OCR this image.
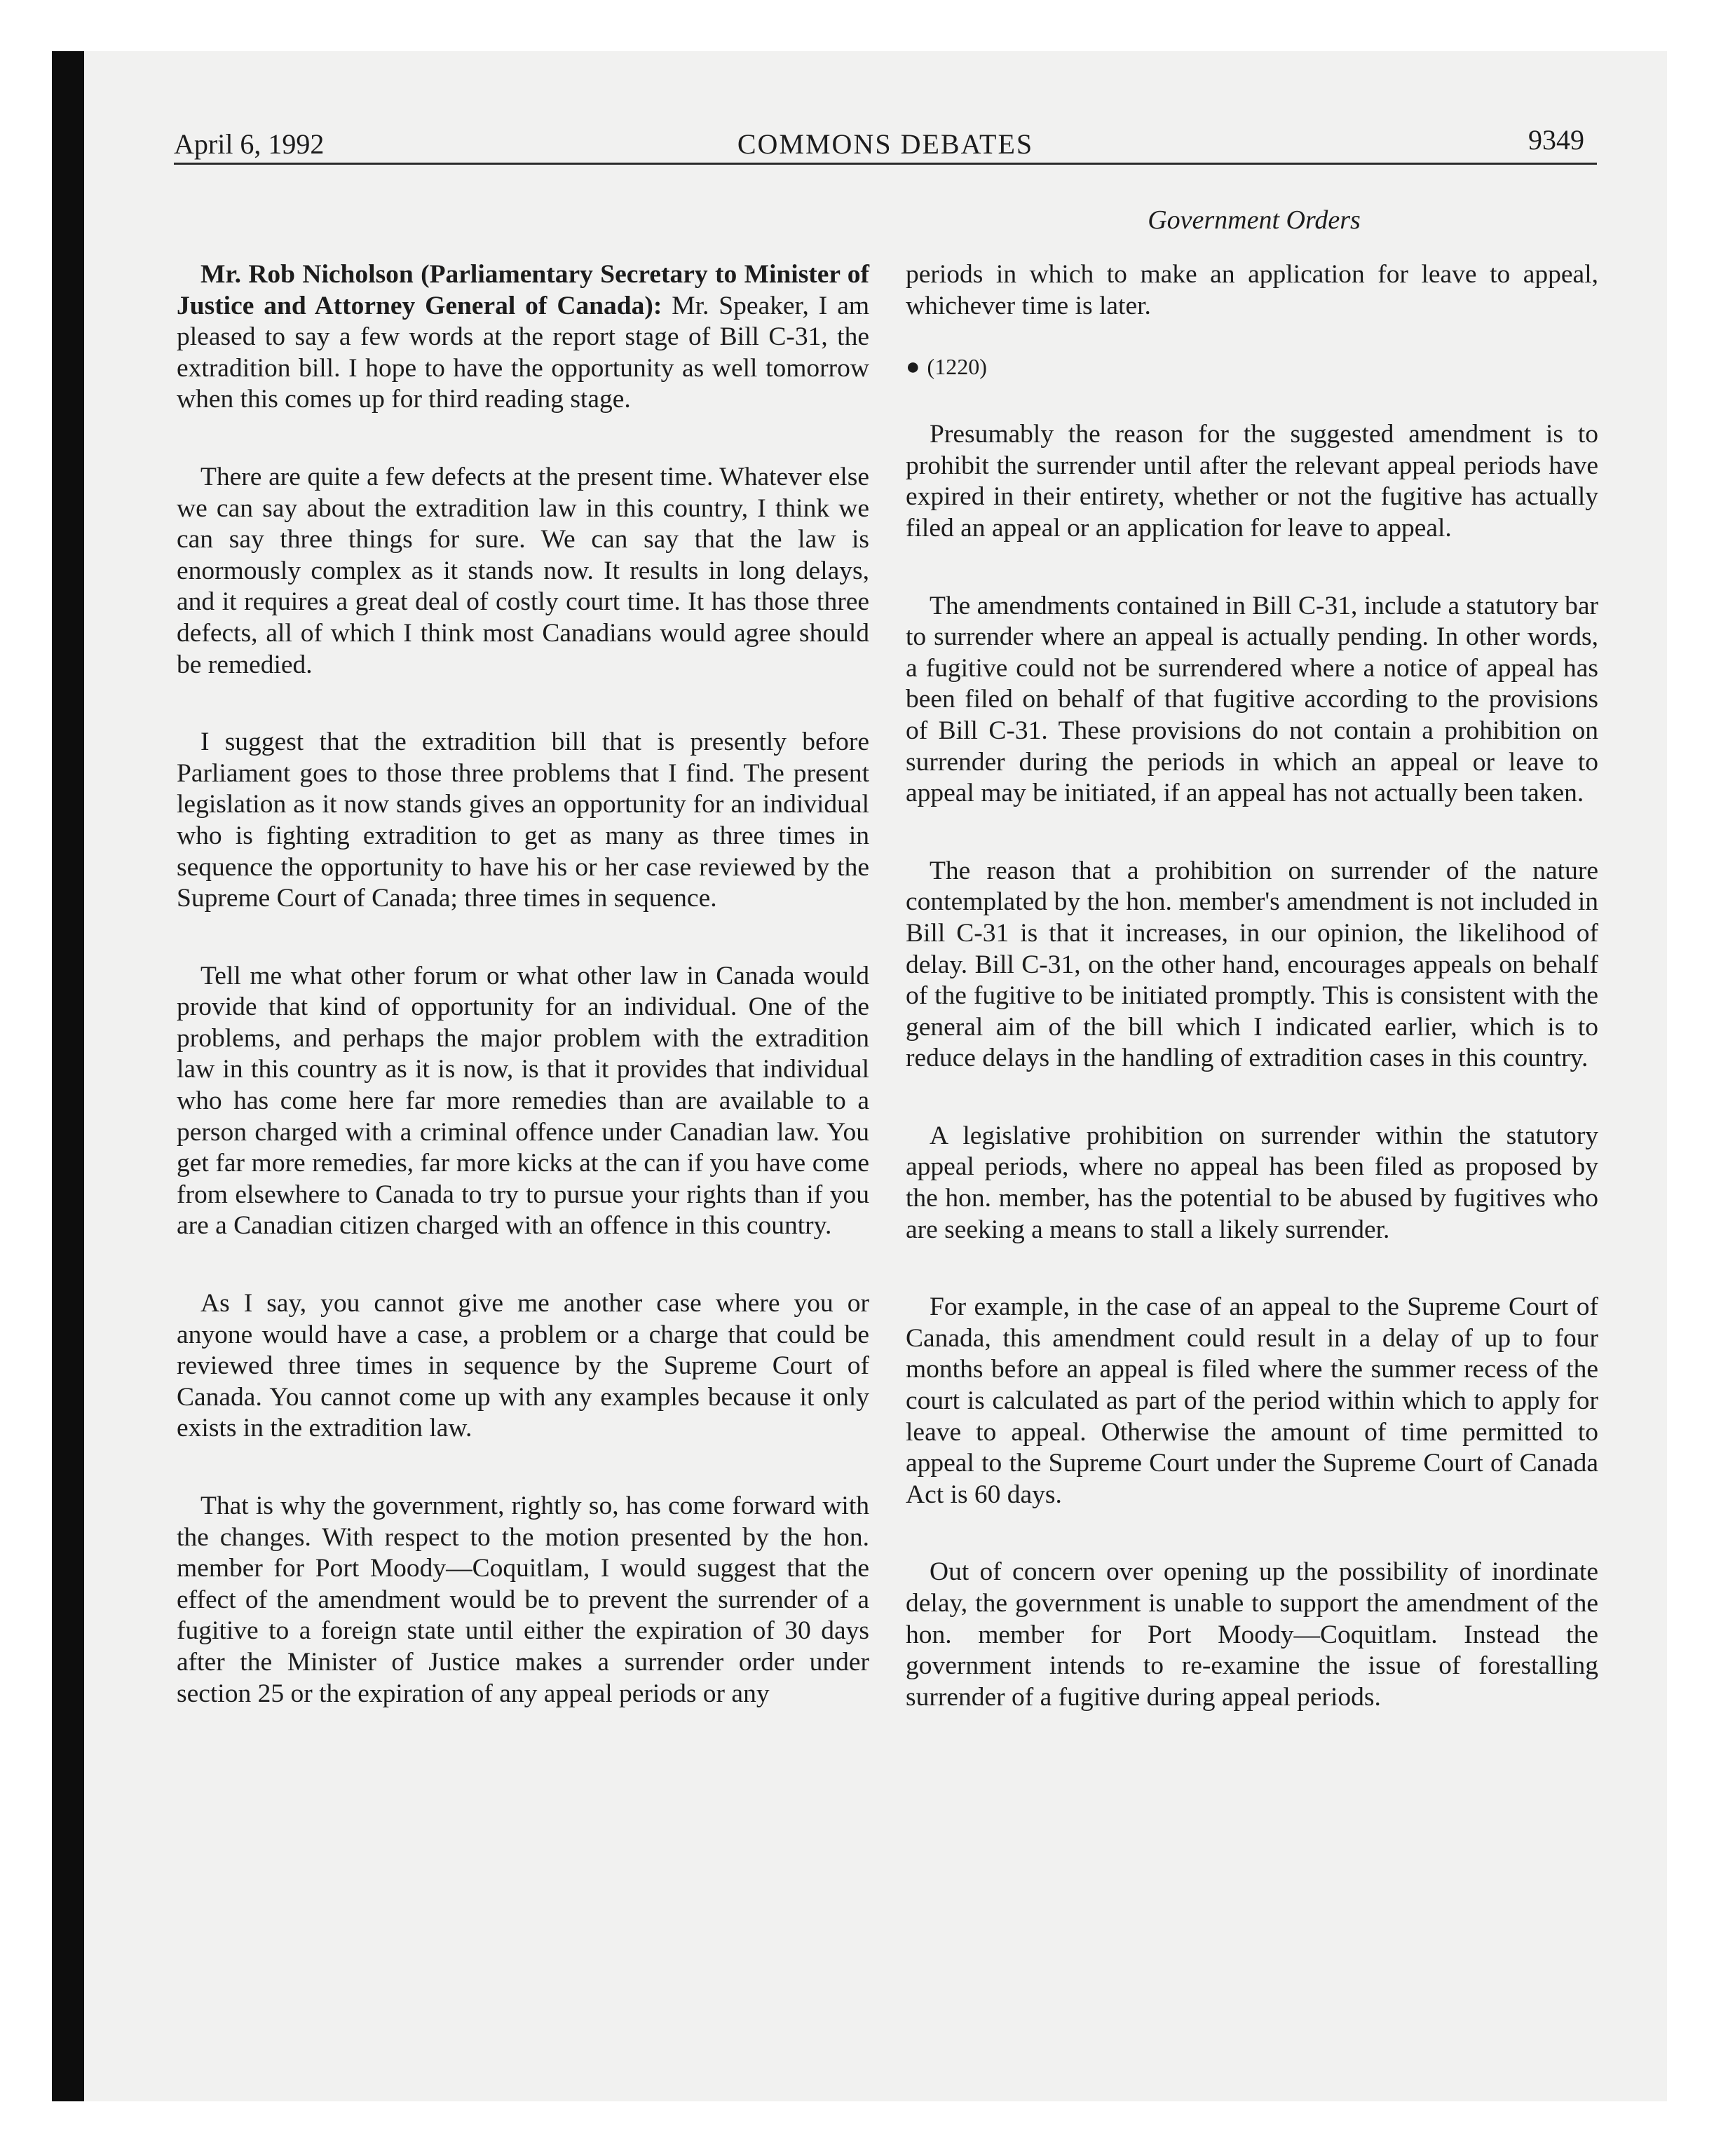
April 6, 1992	COMMONS DEBATES	9349
Government Orders

Mr. Rob Nicholson (Parliamentary Secretary to Minister of Justice and Attorney General of Canada): Mr. Speaker, I am pleased to say a few words at the report stage of Bill C-31, the extradition bill. I hope to have the opportunity as well tomorrow when this comes up for third reading stage.

There are quite a few defects at the present time. Whatever else we can say about the extradition law in this country, I think we can say three things for sure. We can say that the law is enormously complex as it stands now. It results in long delays, and it requires a great deal of costly court time. It has those three defects, all of which I think most Canadians would agree should be remedied.

I suggest that the extradition bill that is presently before Parliament goes to those three problems that I find. The present legislation as it now stands gives an opportunity for an individual who is fighting extradition to get as many as three times in sequence the opportunity to have his or her case reviewed by the Supreme Court of Canada; three times in sequence.

Tell me what other forum or what other law in Canada would provide that kind of opportunity for an individual. One of the problems, and perhaps the major problem with the extradition law in this country as it is now, is that it provides that individual who has come here far more remedies than are available to a person charged with a criminal offence under Canadian law. You get far more remedies, far more kicks at the can if you have come from elsewhere to Canada to try to pursue your rights than if you are a Canadian citizen charged with an offence in this country.

As I say, you cannot give me another case where you or anyone would have a case, a problem or a charge that could be reviewed three times in sequence by the Supreme Court of Canada. You cannot come up with any examples because it only exists in the extradition law.

That is why the government, rightly so, has come forward with the changes. With respect to the motion presented by the hon. member for Port Moody—Coquitlam, I would suggest that the effect of the amendment would be to prevent the surrender of a fugitive to a foreign state until either the expiration of 30 days after the Minister of Justice makes a surrender order under section 25 or the expiration of any appeal periods or any

periods in which to make an application for leave to appeal, whichever time is later.

● (1220)

Presumably the reason for the suggested amendment is to prohibit the surrender until after the relevant appeal periods have expired in their entirety, whether or not the fugitive has actually filed an appeal or an application for leave to appeal.

The amendments contained in Bill C-31, include a statutory bar to surrender where an appeal is actually pending. In other words, a fugitive could not be surrendered where a notice of appeal has been filed on behalf of that fugitive according to the provisions of Bill C-31. These provisions do not contain a prohibition on surrender during the periods in which an appeal or leave to appeal may be initiated, if an appeal has not actually been taken.

The reason that a prohibition on surrender of the nature contemplated by the hon. member's amendment is not included in Bill C-31 is that it increases, in our opinion, the likelihood of delay. Bill C-31, on the other hand, encourages appeals on behalf of the fugitive to be initiated promptly. This is consistent with the general aim of the bill which I indicated earlier, which is to reduce delays in the handling of extradition cases in this country.

A legislative prohibition on surrender within the statutory appeal periods, where no appeal has been filed as proposed by the hon. member, has the potential to be abused by fugitives who are seeking a means to stall a likely surrender.

For example, in the case of an appeal to the Supreme Court of Canada, this amendment could result in a delay of up to four months before an appeal is filed where the summer recess of the court is calculated as part of the period within which to apply for leave to appeal. Otherwise the amount of time permitted to appeal to the Supreme Court under the Supreme Court of Canada Act is 60 days.

Out of concern over opening up the possibility of inordinate delay, the government is unable to support the amendment of the hon. member for Port Moody—Coquitlam. Instead the government intends to re-examine the issue of forestalling surrender of a fugitive during appeal periods.
